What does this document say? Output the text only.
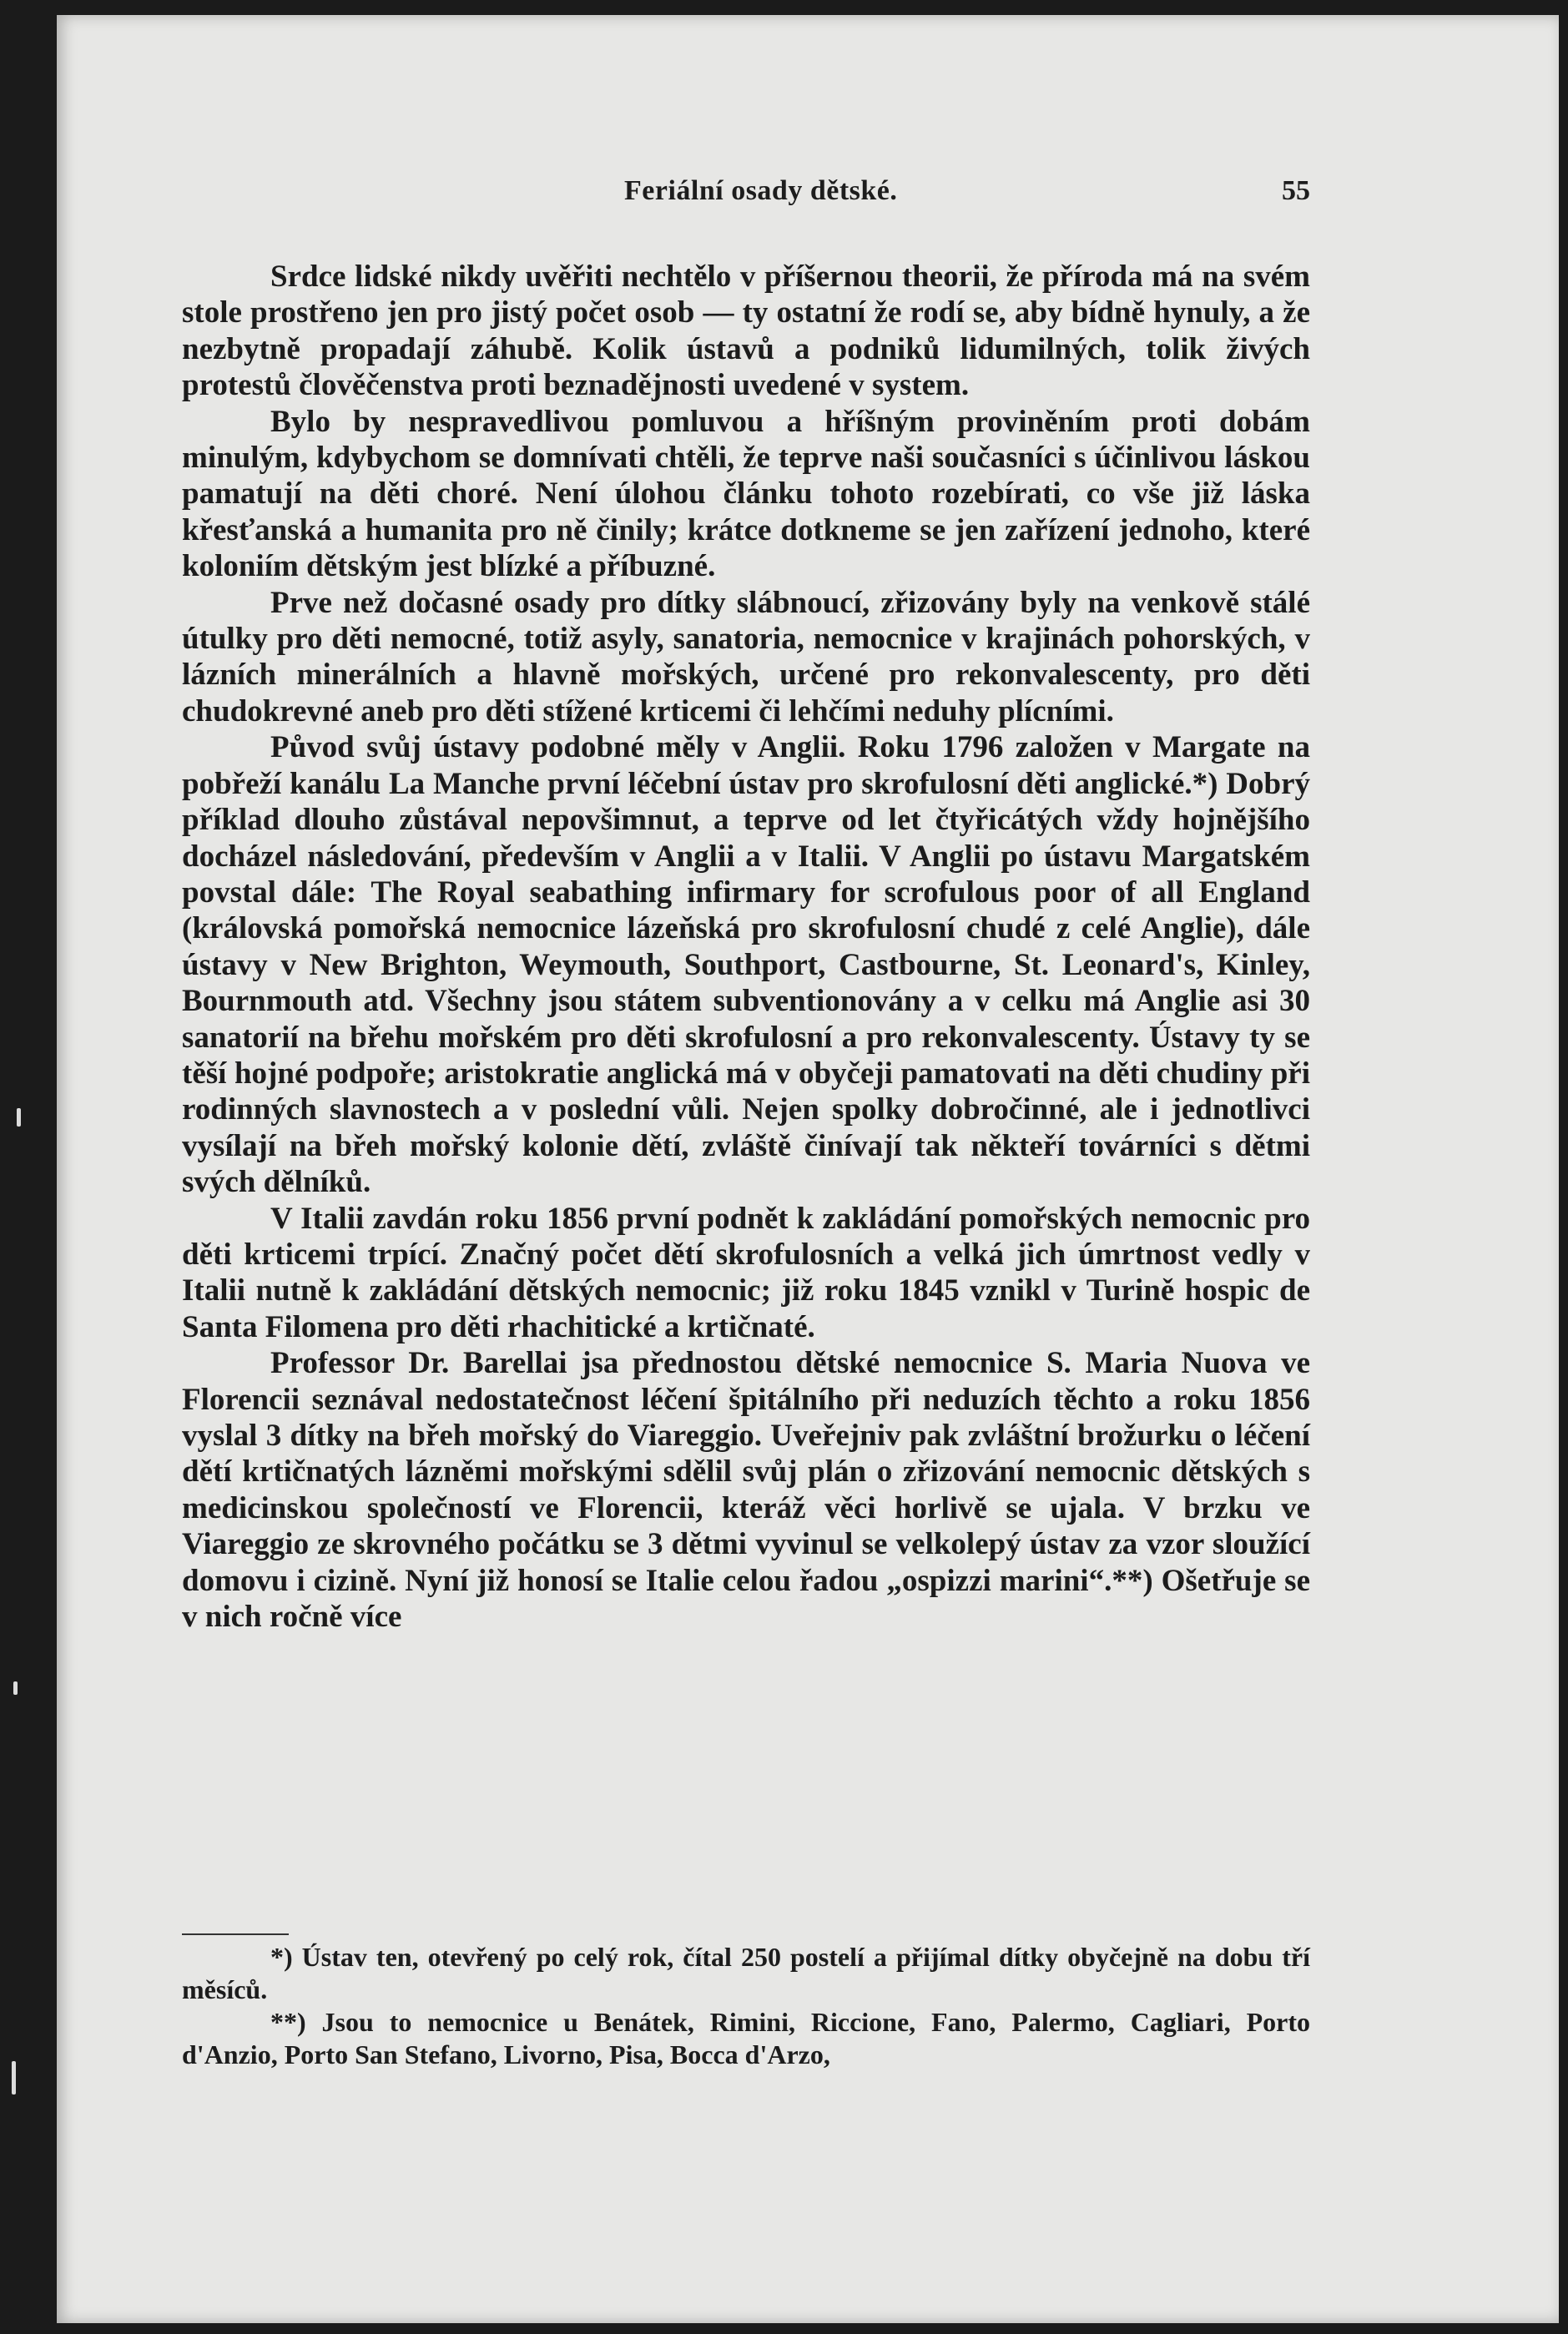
Feriální osady dětské.	55

Srdce lidské nikdy uvěřiti nechtělo v příšernou theorii, že příroda má na svém stole prostřeno jen pro jistý počet osob — ty ostatní že rodí se, aby bídně hynuly, a že nezbytně propadají záhubě. Kolik ústavů a podniků lidumilných, tolik živých protestů člověčenstva proti beznadějnosti uvedené v system.

Bylo by nespravedlivou pomluvou a hříšným proviněním proti dobám minulým, kdybychom se domnívati chtěli, že teprve naši současníci s účinlivou láskou pamatují na děti choré. Není úlohou článku tohoto rozebírati, co vše již láska křesťanská a humanita pro ně činily; krátce dotkneme se jen zařízení jednoho, které koloniím dětským jest blízké a příbuzné.

Prve než dočasné osady pro dítky slábnoucí, zřizovány byly na venkově stálé útulky pro děti nemocné, totiž asyly, sanatoria, nemocnice v krajinách pohorských, v lázních minerálních a hlavně mořských, určené pro rekonvalescenty, pro děti chudokrevné aneb pro děti stížené krticemi či lehčími neduhy plícními.

Původ svůj ústavy podobné měly v Anglii. Roku 1796 založen v Margate na pobřeží kanálu La Manche první léčební ústav pro skrofulosní děti anglické.*) Dobrý příklad dlouho zůstával nepovšimnut, a teprve od let čtyřicátých vždy hojnějšího docházel následování, především v Anglii a v Italii. V Anglii po ústavu Margatském povstal dále: The Royal seabathing infirmary for scrofulous poor of all England (královská pomořská nemocnice lázeňská pro skrofulosní chudé z celé Anglie), dále ústavy v New Brighton, Weymouth, Southport, Castbourne, St. Leonard's, Kinley, Bournmouth atd. Všechny jsou státem subventionovány a v celku má Anglie asi 30 sanatorií na břehu mořském pro děti skrofulosní a pro rekonvalescenty. Ústavy ty se těší hojné podpoře; aristokratie anglická má v obyčeji pamatovati na děti chudiny při rodinných slavnostech a v poslední vůli. Nejen spolky dobročinné, ale i jednotlivci vysílají na břeh mořský kolonie dětí, zvláště činívají tak někteří továrníci s dětmi svých dělníků.

V Italii zavdán roku 1856 první podnět k zakládání pomořských nemocnic pro děti krticemi trpící. Značný počet dětí skrofulosních a velká jich úmrtnost vedly v Italii nutně k zakládání dětských nemocnic; již roku 1845 vznikl v Turině hospic de Santa Filomena pro děti rhachitické a krtičnaté.

Professor Dr. Barellai jsa přednostou dětské nemocnice S. Maria Nuova ve Florencii seznával nedostatečnost léčení špitálního při neduzích těchto a roku 1856 vyslal 3 dítky na břeh mořský do Viareggio. Uveřejniv pak zvláštní brožurku o léčení dětí krtičnatých lázněmi mořskými sdělil svůj plán o zřizování nemocnic dětských s medicinskou společností ve Florencii, kteráž věci horlivě se ujala. V brzku ve Viareggio ze skrovného počátku se 3 dětmi vyvinul se velkolepý ústav za vzor sloužící domovu i cizině. Nyní již honosí se Italie celou řadou „ospizzi marini“.**) Ošetřuje se v nich ročně více

*) Ústav ten, otevřený po celý rok, čítal 250 postelí a přijímal dítky obyčejně na dobu tří měsíců.

**) Jsou to nemocnice u Benátek, Rimini, Riccione, Fano, Palermo, Cagliari, Porto d'Anzio, Porto San Stefano, Livorno, Pisa, Bocca d'Arzo,
